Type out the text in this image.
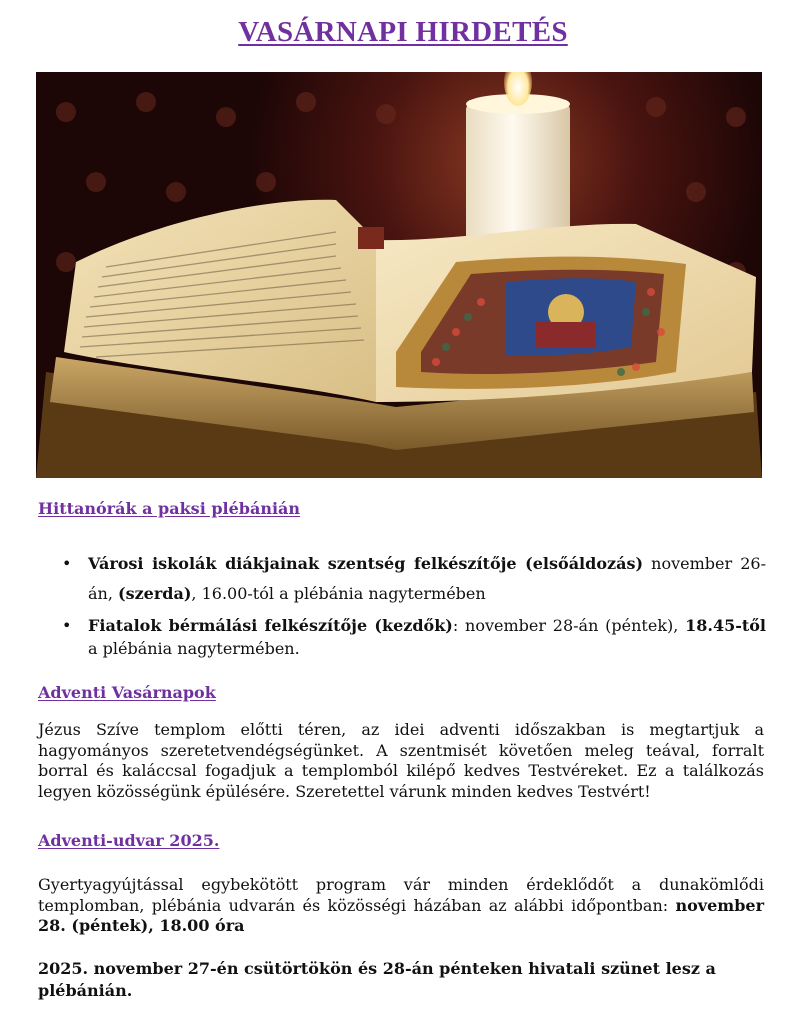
VASÁRNAPI HIRDETÉS
Hittanórák a paksi plébánián
• Városi iskolák diákjainak szentség felkészítője (elsőáldozás) november 26-án, (szerda), 16.00-tól a plébánia nagytermében
• Fiatalok bérmálási felkészítője (kezdők): november 28-án (péntek), 18.45-től a plébánia nagytermében.
Adventi Vasárnapok
Jézus Szíve templom előtti téren, az idei adventi időszakban is megtartjuk a hagyományos szeretetvendégségünket. A szentmisét követően meleg teával, forralt borral és kaláccsal fogadjuk a templomból kilépő kedves Testvéreket. Ez a találkozás legyen közösségünk épülésére. Szeretettel várunk minden kedves Testvért!
Adventi-udvar 2025.
Gyertyagyújtással egybekötött program vár minden érdeklődőt a dunakömlődi templomban, plébánia udvarán és közösségi házában az alábbi időpontban: november 28. (péntek), 18.00 óra
2025. november 27-én csütörtökön és 28-án pénteken hivatali szünet lesz a plébánián.
